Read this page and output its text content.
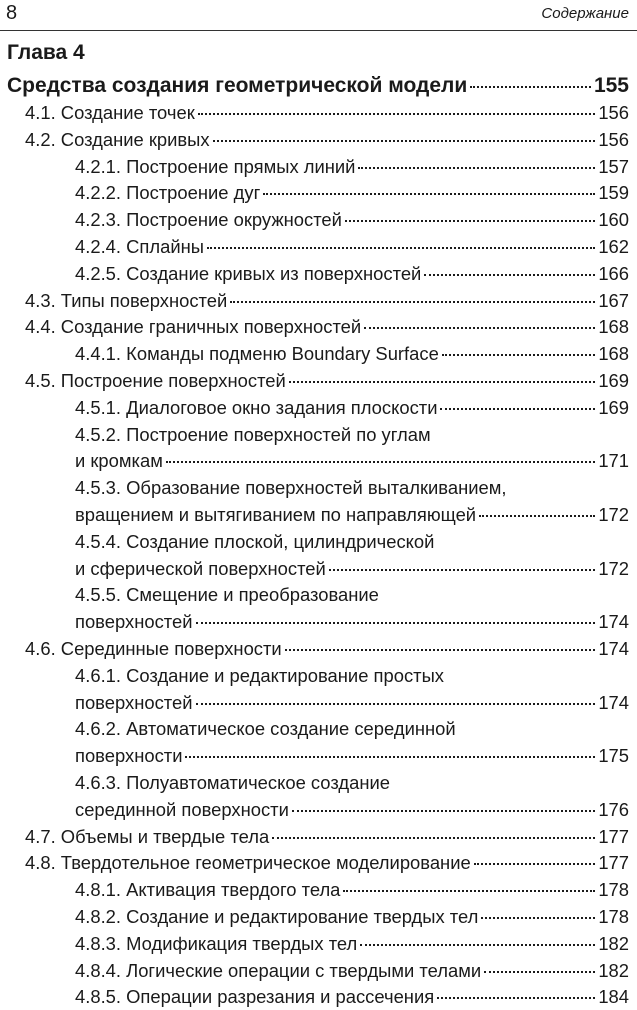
8	Содержание
Глава 4
Средства создания геометрической модели	155
4.1. Создание точек	156
4.2. Создание кривых	156
4.2.1. Построение прямых линий	157
4.2.2. Построение дуг	159
4.2.3. Построение окружностей	160
4.2.4. Сплайны	162
4.2.5. Создание кривых из поверхностей	166
4.3. Типы поверхностей	167
4.4. Создание граничных поверхностей	168
4.4.1. Команды подменю Boundary Surface	168
4.5. Построение поверхностей	169
4.5.1. Диалоговое окно задания плоскости	169
4.5.2. Построение поверхностей по углам
и кромкам	171
4.5.3. Образование поверхностей выталкиванием,
вращением и вытягиванием по направляющей	172
4.5.4. Создание плоской, цилиндрической
и сферической поверхностей	172
4.5.5. Смещение и преобразование
поверхностей	174
4.6. Серединные поверхности	174
4.6.1. Создание и редактирование простых
поверхностей	174
4.6.2. Автоматическое создание серединной
поверхности	175
4.6.3. Полуавтоматическое создание
серединной поверхности	176
4.7. Объемы и твердые тела	177
4.8. Твердотельное геометрическое моделирование	177
4.8.1. Активация твердого тела	178
4.8.2. Создание и редактирование твердых тел	178
4.8.3. Модификация твердых тел	182
4.8.4. Логические операции с твердыми телами	182
4.8.5. Операции разрезания и рассечения	184
